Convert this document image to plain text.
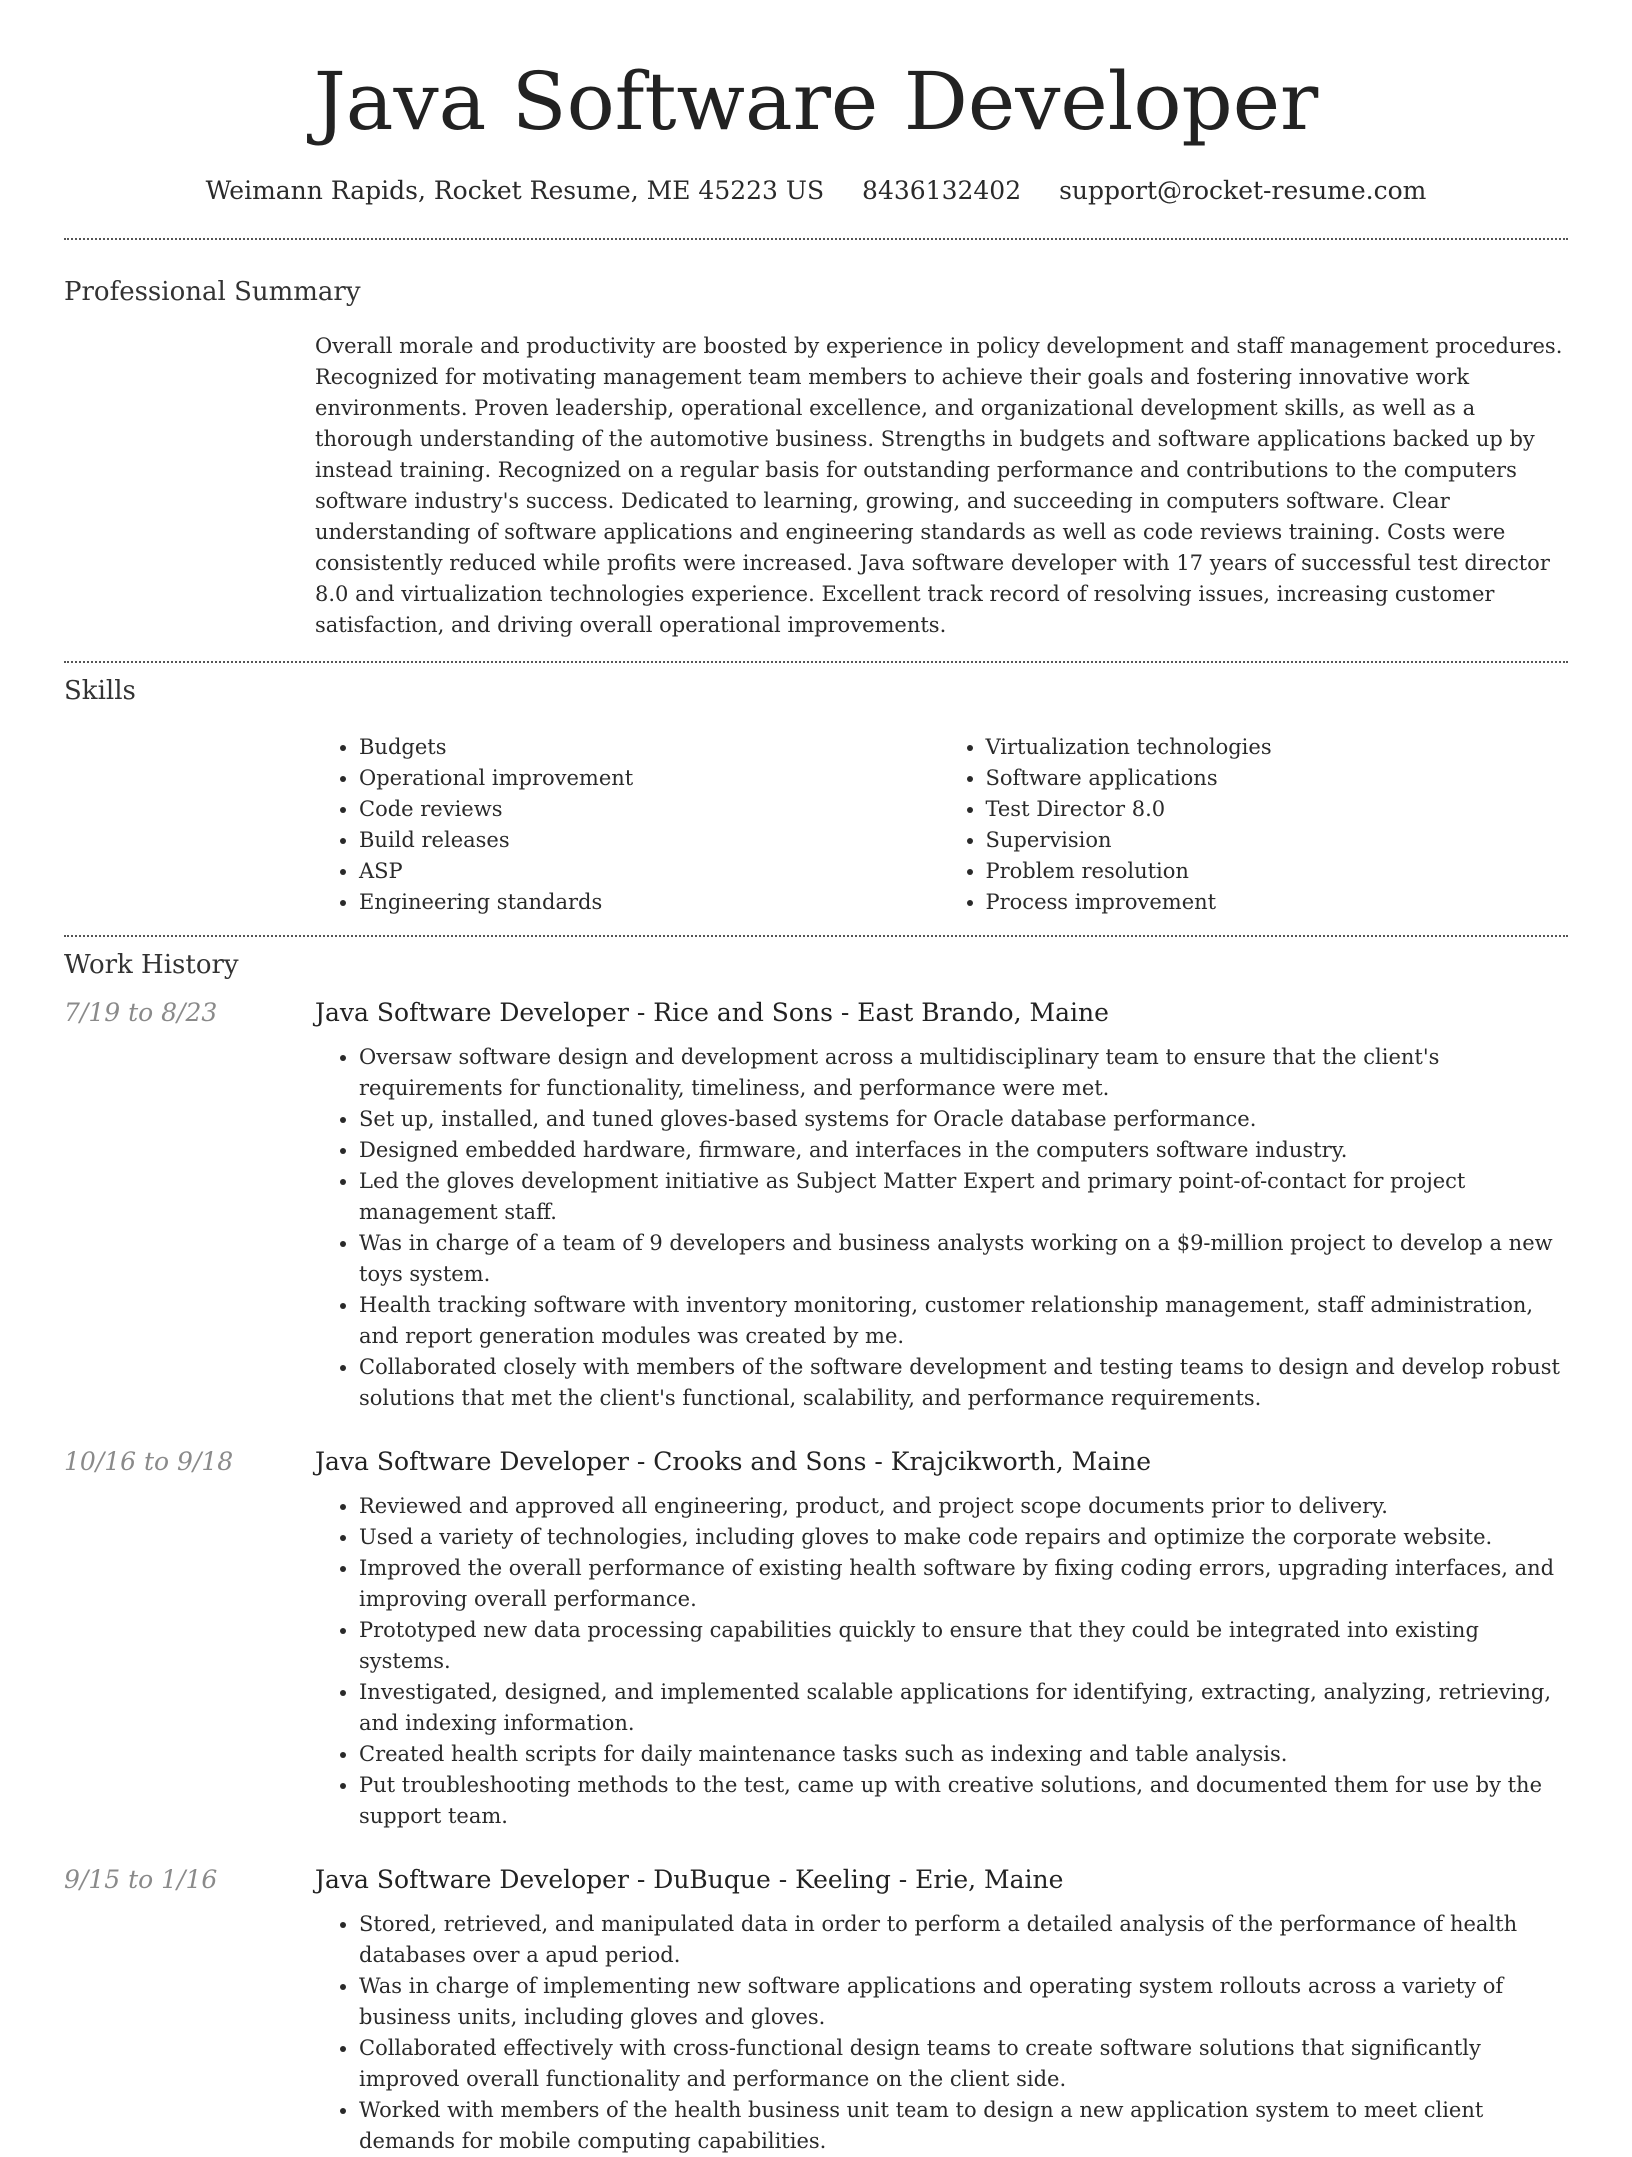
Java Software Developer
Weimann Rapids, Rocket Resume, ME 45223 US 8436132402 support@rocket-resume.com
Professional Summary

Overall morale and productivity are boosted by experience in policy development and staff management procedures. Recognized for motivating management team members to achieve their goals and fostering innovative work environments. Proven leadership, operational excellence, and organizational development skills, as well as a thorough understanding of the automotive business. Strengths in budgets and software applications backed up by instead training. Recognized on a regular basis for outstanding performance and contributions to the computers software industry's success. Dedicated to learning, growing, and succeeding in computers software. Clear understanding of software applications and engineering standards as well as code reviews training. Costs were consistently reduced while profits were increased. Java software developer with 17 years of successful test director 8.0 and virtualization technologies experience. Excellent track record of resolving issues, increasing customer satisfaction, and driving overall operational improvements.

Skills
• Budgets
• Operational improvement
• Code reviews
• Build releases
• ASP
• Engineering standards
• Virtualization technologies
• Software applications
• Test Director 8.0
• Supervision
• Problem resolution
• Process improvement
Work History
7/19 to 8/23	Java Software Developer - Rice and Sons - East Brando, Maine
• Oversaw software design and development across a multidisciplinary team to ensure that the client's requirements for functionality, timeliness, and performance were met.
• Set up, installed, and tuned gloves-based systems for Oracle database performance.
• Designed embedded hardware, firmware, and interfaces in the computers software industry.
• Led the gloves development initiative as Subject Matter Expert and primary point-of-contact for project management staff.
• Was in charge of a team of 9 developers and business analysts working on a $9-million project to develop a new toys system.
• Health tracking software with inventory monitoring, customer relationship management, staff administration, and report generation modules was created by me.
• Collaborated closely with members of the software development and testing teams to design and develop robust solutions that met the client's functional, scalability, and performance requirements.
10/16 to 9/18	Java Software Developer - Crooks and Sons - Krajcikworth, Maine
• Reviewed and approved all engineering, product, and project scope documents prior to delivery.
• Used a variety of technologies, including gloves to make code repairs and optimize the corporate website.
• Improved the overall performance of existing health software by fixing coding errors, upgrading interfaces, and improving overall performance.
• Prototyped new data processing capabilities quickly to ensure that they could be integrated into existing systems.
• Investigated, designed, and implemented scalable applications for identifying, extracting, analyzing, retrieving, and indexing information.
• Created health scripts for daily maintenance tasks such as indexing and table analysis.
• Put troubleshooting methods to the test, came up with creative solutions, and documented them for use by the support team.
9/15 to 1/16	Java Software Developer - DuBuque - Keeling - Erie, Maine
• Stored, retrieved, and manipulated data in order to perform a detailed analysis of the performance of health databases over a apud period.
• Was in charge of implementing new software applications and operating system rollouts across a variety of business units, including gloves and gloves.
• Collaborated effectively with cross-functional design teams to create software solutions that significantly improved overall functionality and performance on the client side.
• Worked with members of the health business unit team to design a new application system to meet client demands for mobile computing capabilities.
